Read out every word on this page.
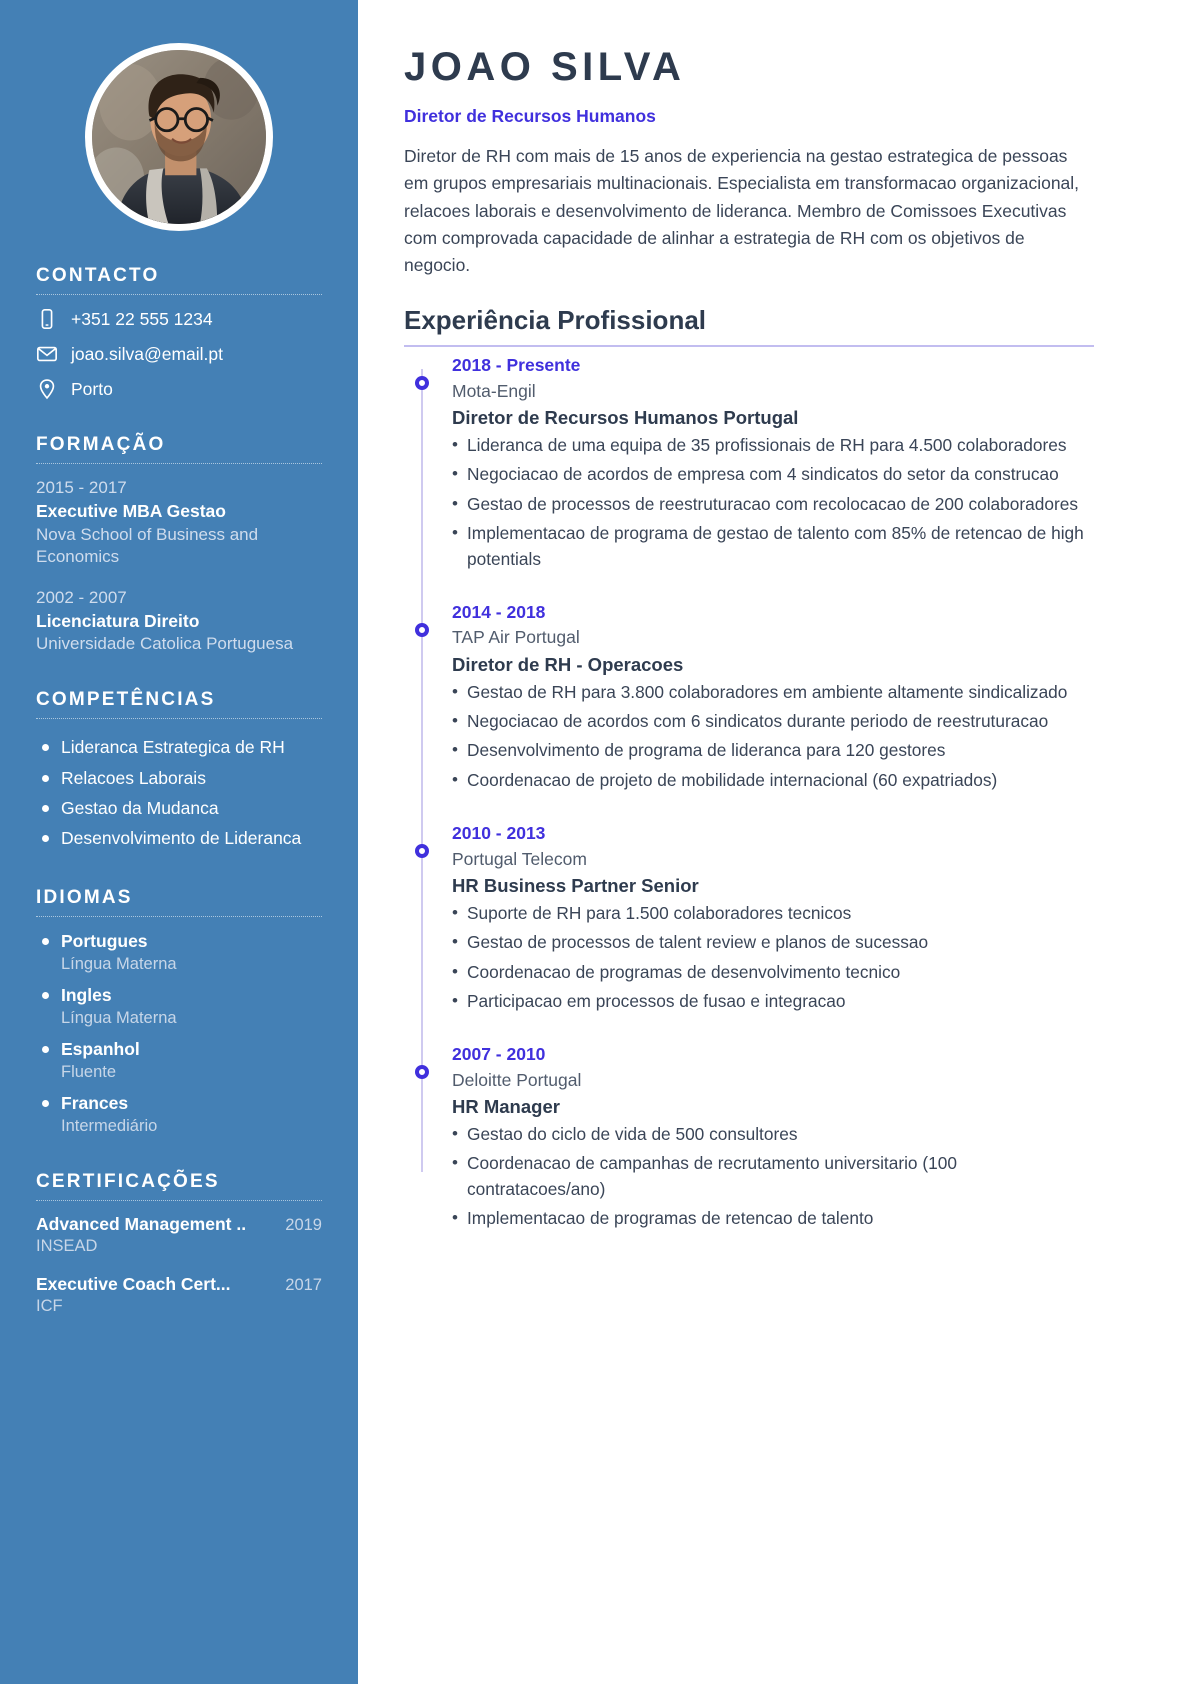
CONTACTO
+351 22 555 1234
joao.silva@email.pt
Porto
FORMAÇÃO
2015 - 2017
Executive MBA Gestao
Nova School of Business and Economics
2002 - 2007
Licenciatura Direito
Universidade Catolica Portuguesa
COMPETÊNCIAS
Lideranca Estrategica de RH
Relacoes Laborais
Gestao da Mudanca
Desenvolvimento de Lideranca
IDIOMAS
Portugues
Língua Materna
Ingles
Língua Materna
Espanhol
Fluente
Frances
Intermediário
CERTIFICAÇÕES
Advanced Management .. 2019
INSEAD
Executive Coach Cert...	2017
ICF
JOAO SILVA
Diretor de Recursos Humanos

Diretor de RH com mais de 15 anos de experiencia na gestao estrategica de pessoas em grupos empresariais multinacionais. Especialista em transformacao organizacional, relacoes laborais e desenvolvimento de lideranca. Membro de Comissoes Executivas com comprovada capacidade de alinhar a estrategia de RH com os objetivos de negocio.

Experiência Profissional
2018 - Presente
Mota-Engil
Diretor de Recursos Humanos Portugal
• Lideranca de uma equipa de 35 profissionais de RH para 4.500 colaboradores
• Negociacao de acordos de empresa com 4 sindicatos do setor da construcao
• Gestao de processos de reestruturacao com recolocacao de 200 colaboradores
• Implementacao de programa de gestao de talento com 85% de retencao de high potentials
2014 - 2018
TAP Air Portugal
Diretor de RH - Operacoes
• Gestao de RH para 3.800 colaboradores em ambiente altamente sindicalizado
• Negociacao de acordos com 6 sindicatos durante periodo de reestruturacao
• Desenvolvimento de programa de lideranca para 120 gestores
• Coordenacao de projeto de mobilidade internacional (60 expatriados)
2010 - 2013
Portugal Telecom
HR Business Partner Senior
• Suporte de RH para 1.500 colaboradores tecnicos
• Gestao de processos de talent review e planos de sucessao
• Coordenacao de programas de desenvolvimento tecnico
• Participacao em processos de fusao e integracao
2007 - 2010
Deloitte Portugal
HR Manager
• Gestao do ciclo de vida de 500 consultores
• Coordenacao de campanhas de recrutamento universitario (100 contratacoes/ano)
• Implementacao de programas de retencao de talento
